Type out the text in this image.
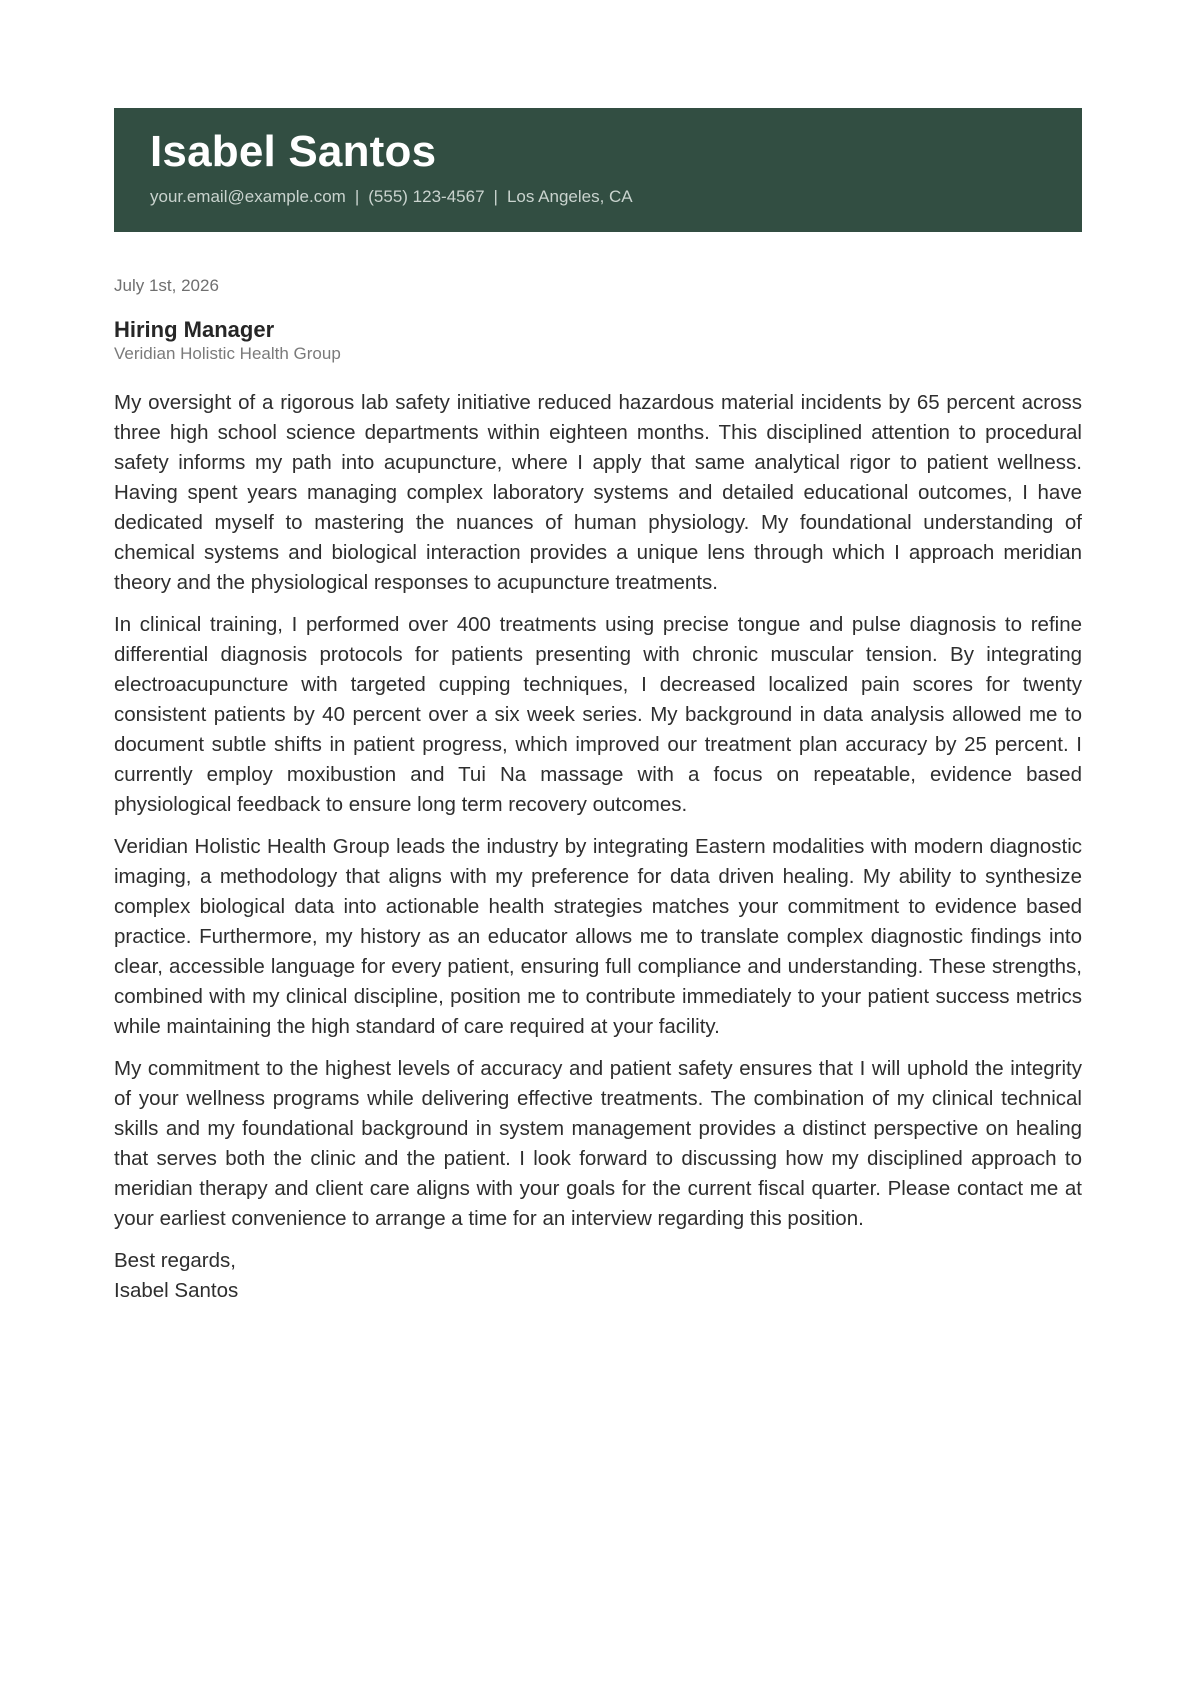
Isabel Santos
your.email@example.com | (555) 123-4567 | Los Angeles, CA
July 1st, 2026
Hiring Manager
Veridian Holistic Health Group

My oversight of a rigorous lab safety initiative reduced hazardous material incidents by 65 percent across three high school science departments within eighteen months. This disciplined attention to procedural safety informs my path into acupuncture, where I apply that same analytical rigor to patient wellness. Having spent years managing complex laboratory systems and detailed educational outcomes, I have dedicated myself to mastering the nuances of human physiology. My foundational understanding of chemical systems and biological interaction provides a unique lens through which I approach meridian theory and the physiological responses to acupuncture treatments.

In clinical training, I performed over 400 treatments using precise tongue and pulse diagnosis to refine differential diagnosis protocols for patients presenting with chronic muscular tension. By integrating electroacupuncture with targeted cupping techniques, I decreased localized pain scores for twenty consistent patients by 40 percent over a six week series. My background in data analysis allowed me to document subtle shifts in patient progress, which improved our treatment plan accuracy by 25 percent. I currently employ moxibustion and Tui Na massage with a focus on repeatable, evidence based physiological feedback to ensure long term recovery outcomes.

Veridian Holistic Health Group leads the industry by integrating Eastern modalities with modern diagnostic imaging, a methodology that aligns with my preference for data driven healing. My ability to synthesize complex biological data into actionable health strategies matches your commitment to evidence based practice. Furthermore, my history as an educator allows me to translate complex diagnostic findings into clear, accessible language for every patient, ensuring full compliance and understanding. These strengths, combined with my clinical discipline, position me to contribute immediately to your patient success metrics while maintaining the high standard of care required at your facility.

My commitment to the highest levels of accuracy and patient safety ensures that I will uphold the integrity of your wellness programs while delivering effective treatments. The combination of my clinical technical skills and my foundational background in system management provides a distinct perspective on healing that serves both the clinic and the patient. I look forward to discussing how my disciplined approach to meridian therapy and client care aligns with your goals for the current fiscal quarter. Please contact me at your earliest convenience to arrange a time for an interview regarding this position.

Best regards,
Isabel Santos
